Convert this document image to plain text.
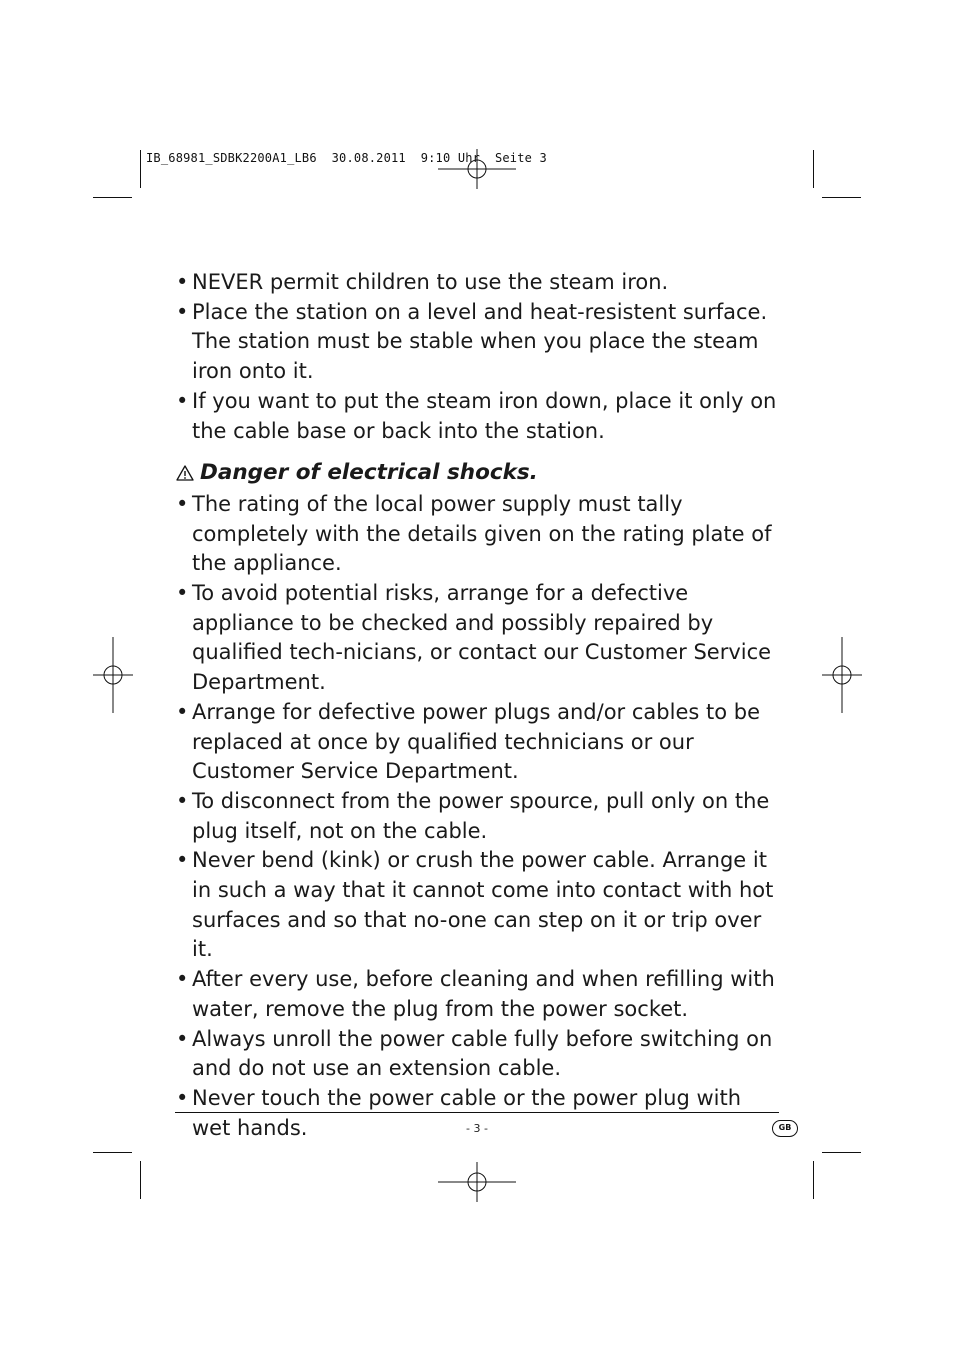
IB_68981_SDBK2200A1_LB6  30.08.2011  9:10 Uhr  Seite 3
• NEVER permit children to use the steam iron.
• Place the station on a level and heat-resistent surface. The station must be stable when you place the steam iron onto it.
• If you want to put the steam iron down, place it only on the cable base or back into the station.
Danger of electrical shocks.
• The rating of the local power supply must tally completely with the details given on the rating plate of the appliance.
• To avoid potential risks, arrange for a defective appliance to be checked and possibly repaired by qualified tech-nicians, or contact our Customer Service Department.
• Arrange for defective power plugs and/or cables to be replaced at once by qualified technicians or our Customer Service Department.
• To disconnect from the power spource, pull only on the plug itself, not on the cable.
• Never bend (kink) or crush the power cable. Arrange it in such a way that it cannot come into contact with hot surfaces and so that no-one can step on it or trip over it.
• After every use, before cleaning and when refilling with water, remove the plug from the power socket.
• Always unroll the power cable fully before switching on and do not use an extension cable.
• Never touch the power cable or the power plug with wet hands.	- 3 -	GB
